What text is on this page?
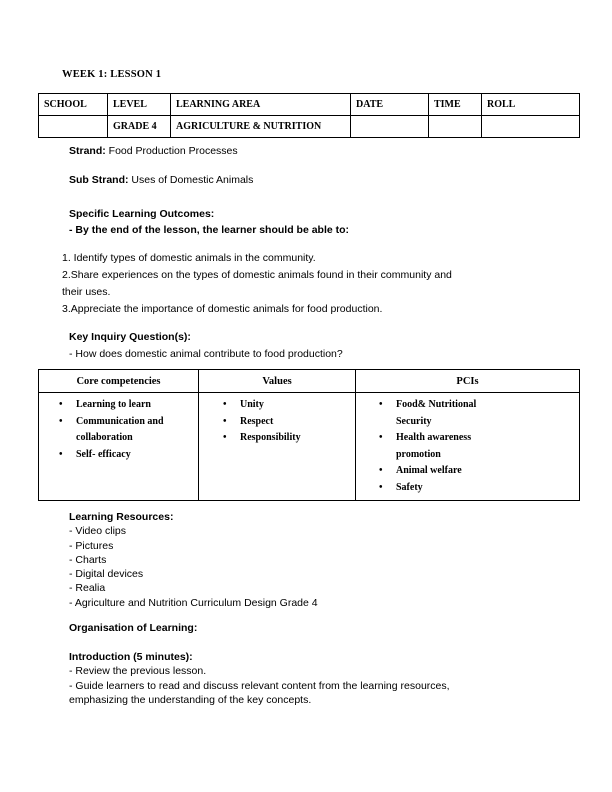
WEEK 1: LESSON 1
SCHOOL	LEVEL	LEARNING AREA	DATE	TIME	ROLL
	GRADE 4	AGRICULTURE & NUTRITION			
Strand: Food Production Processes
Sub Strand: Uses of Domestic Animals
Specific Learning Outcomes:
- By the end of the lesson, the learner should be able to:
1. Identify types of domestic animals in the community.
2.Share experiences on the types of domestic animals found in their community and
their uses.
3.Appreciate the importance of domestic animals for food production.
Key Inquiry Question(s):
- How does domestic animal contribute to food production?
Core competencies	Values	PCIs

• Learning to learn
• Communication and
collaboration
• Self- efficacy

• Unity
• Respect
• Responsibility

• Food& Nutritional
Security
• Health awareness
promotion
• Animal welfare
• Safety
Learning Resources:
- Video clips
- Pictures
- Charts
- Digital devices
- Realia
- Agriculture and Nutrition Curriculum Design Grade 4
Organisation of Learning:
Introduction (5 minutes):
- Review the previous lesson.
- Guide learners to read and discuss relevant content from the learning resources,
emphasizing the understanding of the key concepts.
